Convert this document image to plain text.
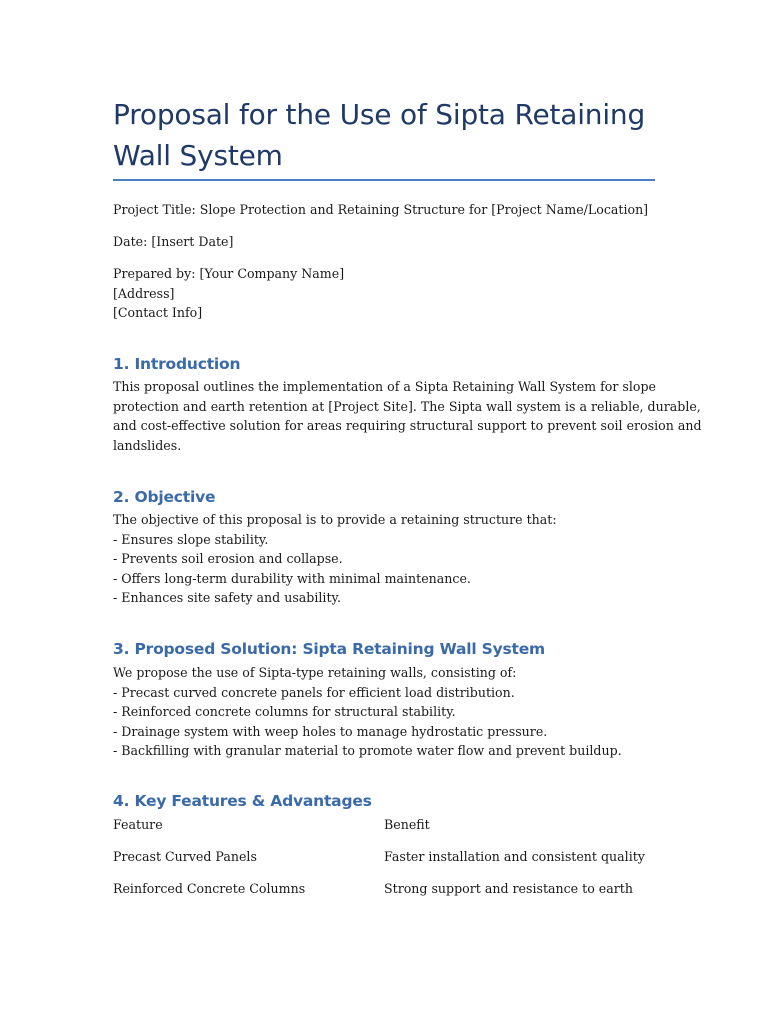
Proposal for the Use of Sipta Retaining Wall System

Project Title: Slope Protection and Retaining Structure for [Project Name/Location]

Date: [Insert Date]

Prepared by: [Your Company Name]
[Address]
[Contact Info]

1. Introduction

This proposal outlines the implementation of a Sipta Retaining Wall System for slope
protection and earth retention at [Project Site]. The Sipta wall system is a reliable, durable,
and cost-effective solution for areas requiring structural support to prevent soil erosion and
landslides.

2. Objective

The objective of this proposal is to provide a retaining structure that:
- Ensures slope stability.
- Prevents soil erosion and collapse.
- Offers long-term durability with minimal maintenance.
- Enhances site safety and usability.

3. Proposed Solution: Sipta Retaining Wall System

We propose the use of Sipta-type retaining walls, consisting of:
- Precast curved concrete panels for efficient load distribution.
- Reinforced concrete columns for structural stability.
- Drainage system with weep holes to manage hydrostatic pressure.
- Backfilling with granular material to promote water flow and prevent buildup.

4. Key Features & Advantages
Feature	Benefit
Precast Curved Panels	Faster installation and consistent quality
Reinforced Concrete Columns	Strong support and resistance to earth
